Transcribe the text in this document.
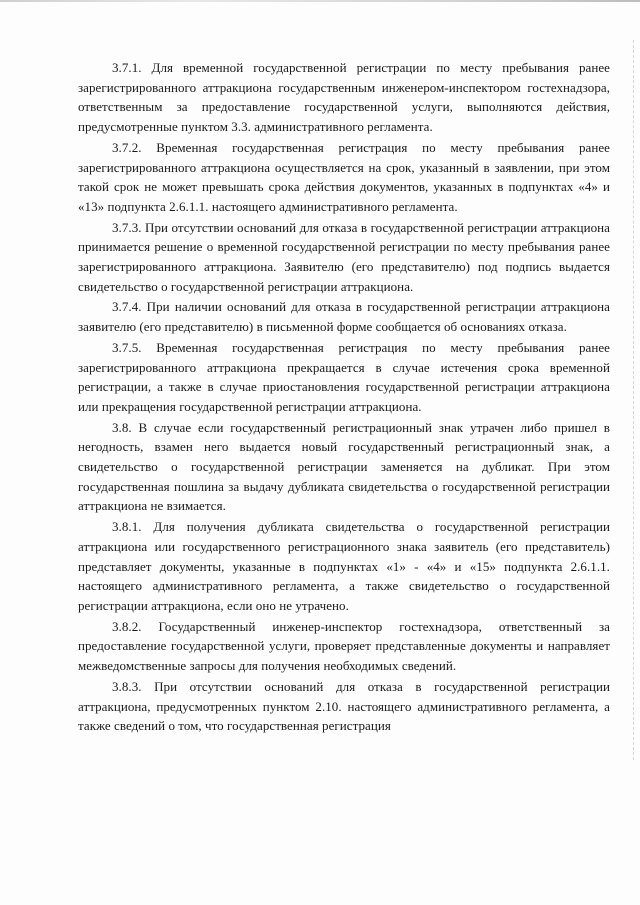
3.7.1. Для временной государственной регистрации по месту пребывания ранее зарегистрированного аттракциона государственным инженером-инспектором гостехнадзора, ответственным за предоставление государственной услуги, выполняются действия, предусмотренные пунктом 3.3. административного регламента.

3.7.2. Временная государственная регистрация по месту пребывания ранее зарегистрированного аттракциона осуществляется на срок, указанный в заявлении, при этом такой срок не может превышать срока действия документов, указанных в подпунктах «4» и «13» подпункта 2.6.1.1. настоящего административного регламента.

3.7.3. При отсутствии оснований для отказа в государственной регистрации аттракциона принимается решение о временной государственной регистрации по месту пребывания ранее зарегистрированного аттракциона. Заявителю (его представителю) под подпись выдается свидетельство о государственной регистрации аттракциона.

3.7.4. При наличии оснований для отказа в государственной регистрации аттракциона заявителю (его представителю) в письменной форме сообщается об основаниях отказа.

3.7.5. Временная государственная регистрация по месту пребывания ранее зарегистрированного аттракциона прекращается в случае истечения срока временной регистрации, а также в случае приостановления государственной регистрации аттракциона или прекращения государственной регистрации аттракциона.

3.8. В случае если государственный регистрационный знак утрачен либо пришел в негодность, взамен него выдается новый государственный регистрационный знак, а свидетельство о государственной регистрации заменяется на дубликат. При этом государственная пошлина за выдачу дубликата свидетельства о государственной регистрации аттракциона не взимается.

3.8.1. Для получения дубликата свидетельства о государственной регистрации аттракциона или государственного регистрационного знака заявитель (его представитель) представляет документы, указанные в подпунктах «1» - «4» и «15» подпункта 2.6.1.1. настоящего административного регламента, а также свидетельство о государственной регистрации аттракциона, если оно не утрачено.

3.8.2. Государственный инженер-инспектор гостехнадзора, ответственный за предоставление государственной услуги, проверяет представленные документы и направляет межведомственные запросы для получения необходимых сведений.

3.8.3. При отсутствии оснований для отказа в государственной регистрации аттракциона, предусмотренных пунктом 2.10. настоящего административного регламента, а также сведений о том, что государственная регистрация
